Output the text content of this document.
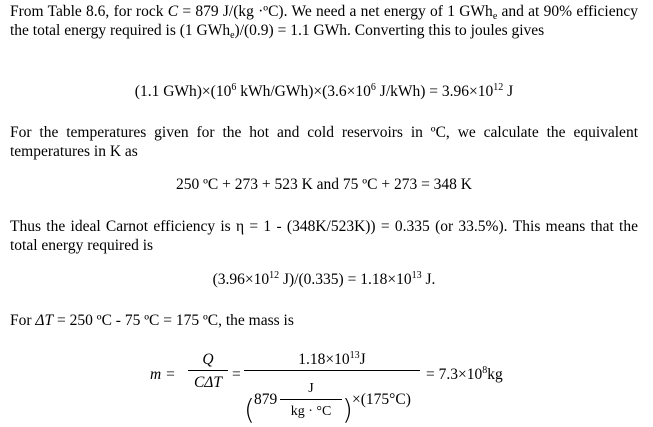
From Table 8.6, for rock C = 879 J/(kg ·ºC). We need a net energy of 1 GWh$_e$ and at 90% efficiency the total energy required is (1 GWh$_e$)/(0.9) = 1.1 GWh. Converting this to joules gives

(1.1 $GWh)\times(10^6$ kWh/$GWh)\times(3.6\times 10^6$ $J/kWh) = 3.96\times 10^{12}$ J

For the temperatures given for the hot and cold reservoirs in ºC, we calculate the equivalent temperatures in K as

250 ºC + 273 + 523 K and 75 ºC + 273 = 348 K

Thus the ideal Carnot efficiency is η = 1 - (348K/523K)) = 0.335 (or 33.5%). This means that the total energy required is

($3.96\times 10^{12}$ $J)/(0.335) = 1.18\times 10^{13}$ J.

For ΔT = 250 ºC - 75 ºC = 175 ºC, the mass is

m =
Q
CΔT =
$1.18\times 10^{13}J$
( 879
J
kg · °C ) ×(175°C)
= $7.3\times 10^8kg$
